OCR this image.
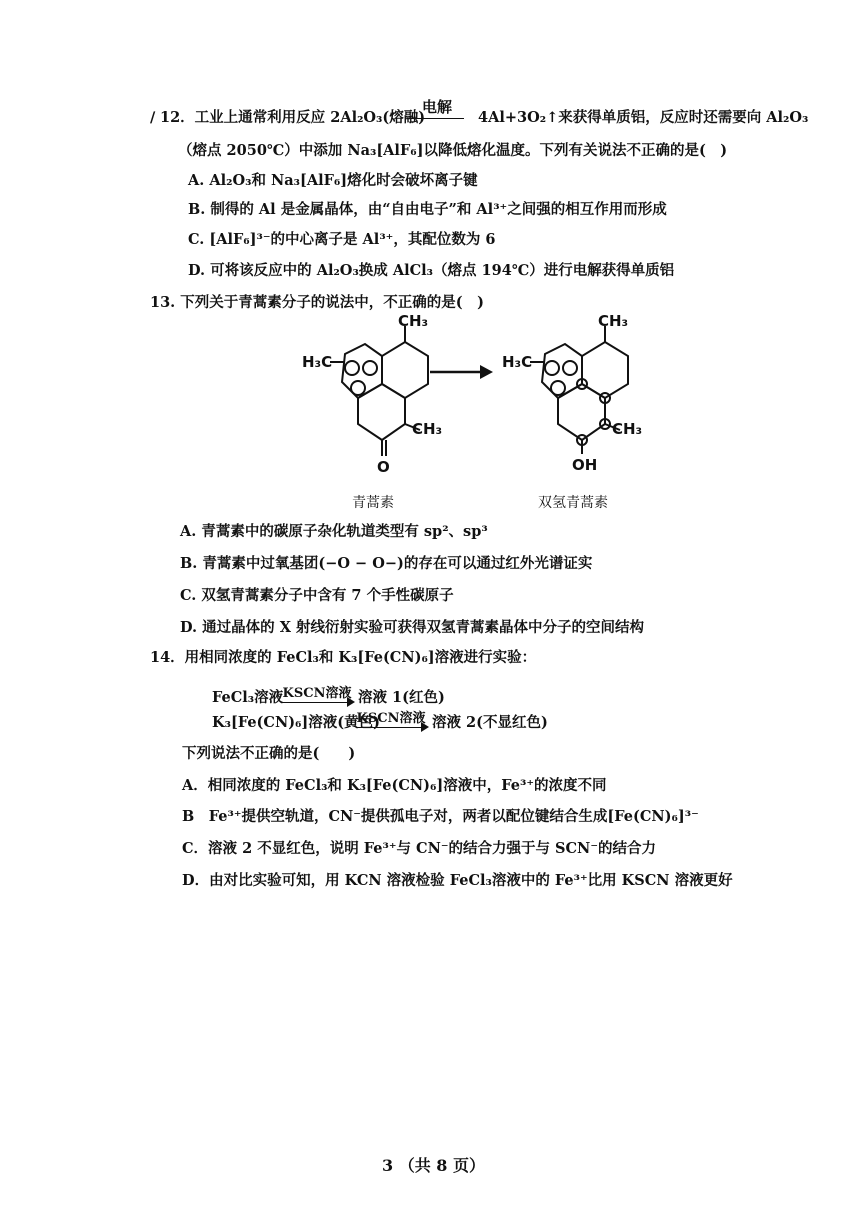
∕ 12．工业上通常利用反应 2Al₂O₃(熔融)
电解
4Al+3O₂↑来获得单质铝，反应时还需要向 Al₂O₃
（熔点 2050℃）中添加 Na₃[AlF₆]以降低熔化温度。下列有关说法不正确的是(　)
A. Al₂O₃和 Na₃[AlF₆]熔化时会破坏离子键
B. 制得的 Al 是金属晶体，由“自由电子”和 Al³⁺之间强的相互作用而形成
C. [AlF₆]³⁻的中心离子是 Al³⁺，其配位数为 6
D. 可将该反应中的 Al₂O₃换成 AlCl₃（熔点 194℃）进行电解获得单质铝
13. 下列关于青蒿素分子的说法中，不正确的是(　)
H₃C
CH₃
CH₃
O
H₃C
CH₃
CH₃
OH
青蒿素	双氢青蒿素
A. 青蒿素中的碳原子杂化轨道类型有 sp²、sp³
B. 青蒿素中过氧基团(−O − O−)的存在可以通过红外光谱证实
C. 双氢青蒿素分子中含有 7 个手性碳原子
D. 通过晶体的 X 射线衍射实验可获得双氢青蒿素晶体中分子的空间结构
14．用相同浓度的 FeCl₃和 K₃[Fe(CN)₆]溶液进行实验：
FeCl₃溶液 KSCN溶液 溶液 1(红色)
K₃[Fe(CN)₆]溶液(黄色)
KSCN溶液 溶液 2(不显红色)
下列说法不正确的是(　　)
A．相同浓度的 FeCl₃和 K₃[Fe(CN)₆]溶液中，Fe³⁺的浓度不同
B　Fe³⁺提供空轨道，CN⁻提供孤电子对，两者以配位键结合生成[Fe(CN)₆]³⁻
C．溶液 2 不显红色，说明 Fe³⁺与 CN⁻的结合力强于与 SCN⁻的结合力
D．由对比实验可知，用 KCN 溶液检验 FeCl₃溶液中的 Fe³⁺比用 KSCN 溶液更好
3 （共 8 页）
